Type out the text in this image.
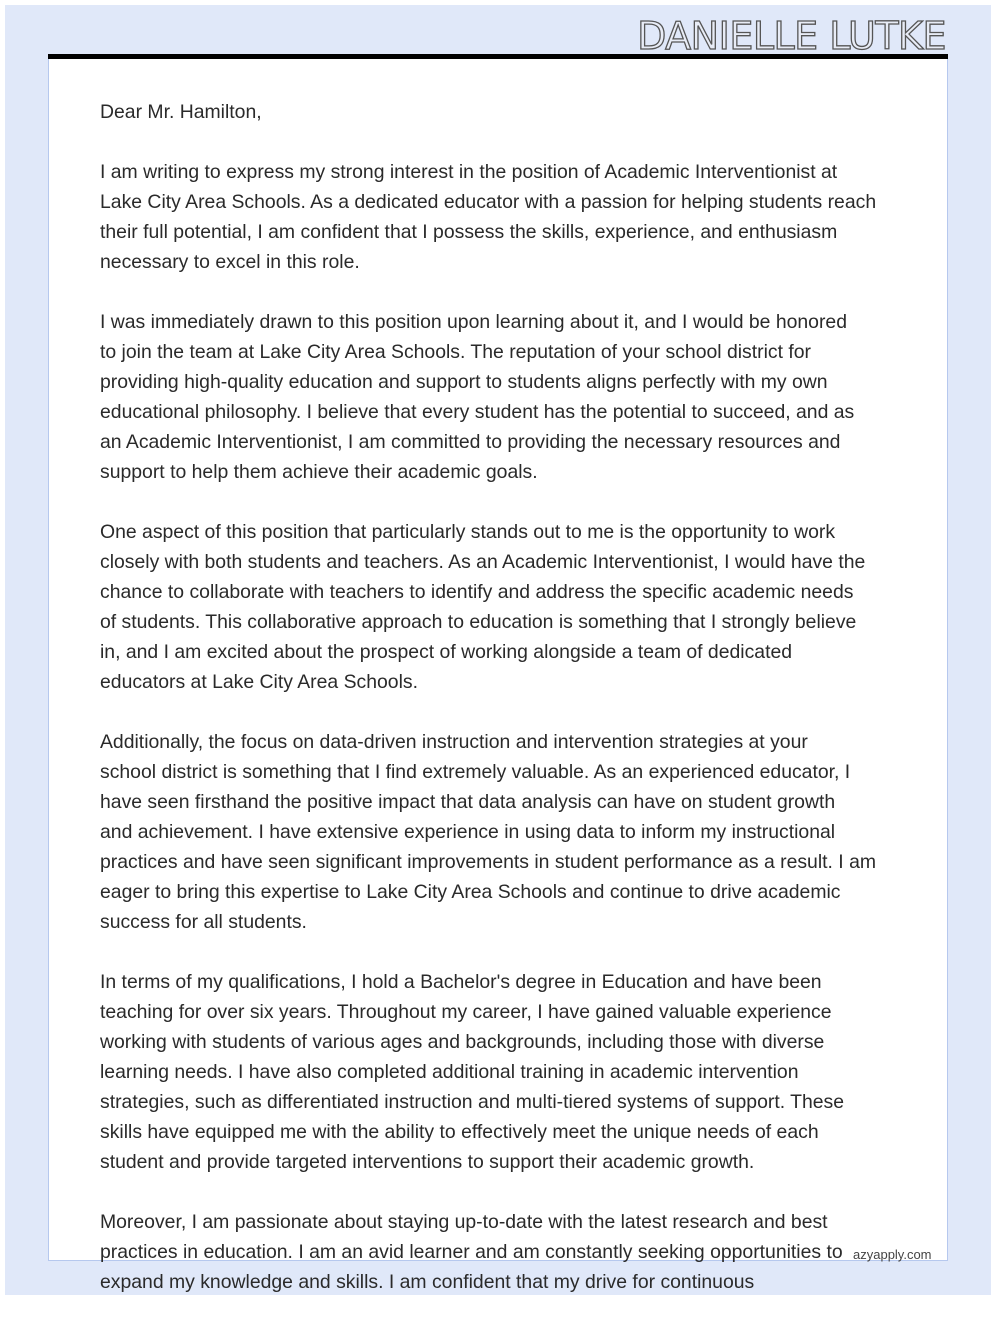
DANIELLE LUTKE
Dear Mr. Hamilton,
I am writing to express my strong interest in the position of Academic Interventionist at
Lake City Area Schools. As a dedicated educator with a passion for helping students reach
their full potential, I am confident that I possess the skills, experience, and enthusiasm
necessary to excel in this role.
I was immediately drawn to this position upon learning about it, and I would be honored
to join the team at Lake City Area Schools. The reputation of your school district for
providing high-quality education and support to students aligns perfectly with my own
educational philosophy. I believe that every student has the potential to succeed, and as
an Academic Interventionist, I am committed to providing the necessary resources and
support to help them achieve their academic goals.
One aspect of this position that particularly stands out to me is the opportunity to work
closely with both students and teachers. As an Academic Interventionist, I would have the
chance to collaborate with teachers to identify and address the specific academic needs
of students. This collaborative approach to education is something that I strongly believe
in, and I am excited about the prospect of working alongside a team of dedicated
educators at Lake City Area Schools.
Additionally, the focus on data-driven instruction and intervention strategies at your
school district is something that I find extremely valuable. As an experienced educator, I
have seen firsthand the positive impact that data analysis can have on student growth
and achievement. I have extensive experience in using data to inform my instructional
practices and have seen significant improvements in student performance as a result. I am
eager to bring this expertise to Lake City Area Schools and continue to drive academic
success for all students.
In terms of my qualifications, I hold a Bachelor's degree in Education and have been
teaching for over six years. Throughout my career, I have gained valuable experience
working with students of various ages and backgrounds, including those with diverse
learning needs. I have also completed additional training in academic intervention
strategies, such as differentiated instruction and multi-tiered systems of support. These
skills have equipped me with the ability to effectively meet the unique needs of each
student and provide targeted interventions to support their academic growth.
Moreover, I am passionate about staying up-to-date with the latest research and best
practices in education. I am an avid learner and am constantly seeking opportunities to
expand my knowledge and skills. I am confident that my drive for continuous
azyapply.com
